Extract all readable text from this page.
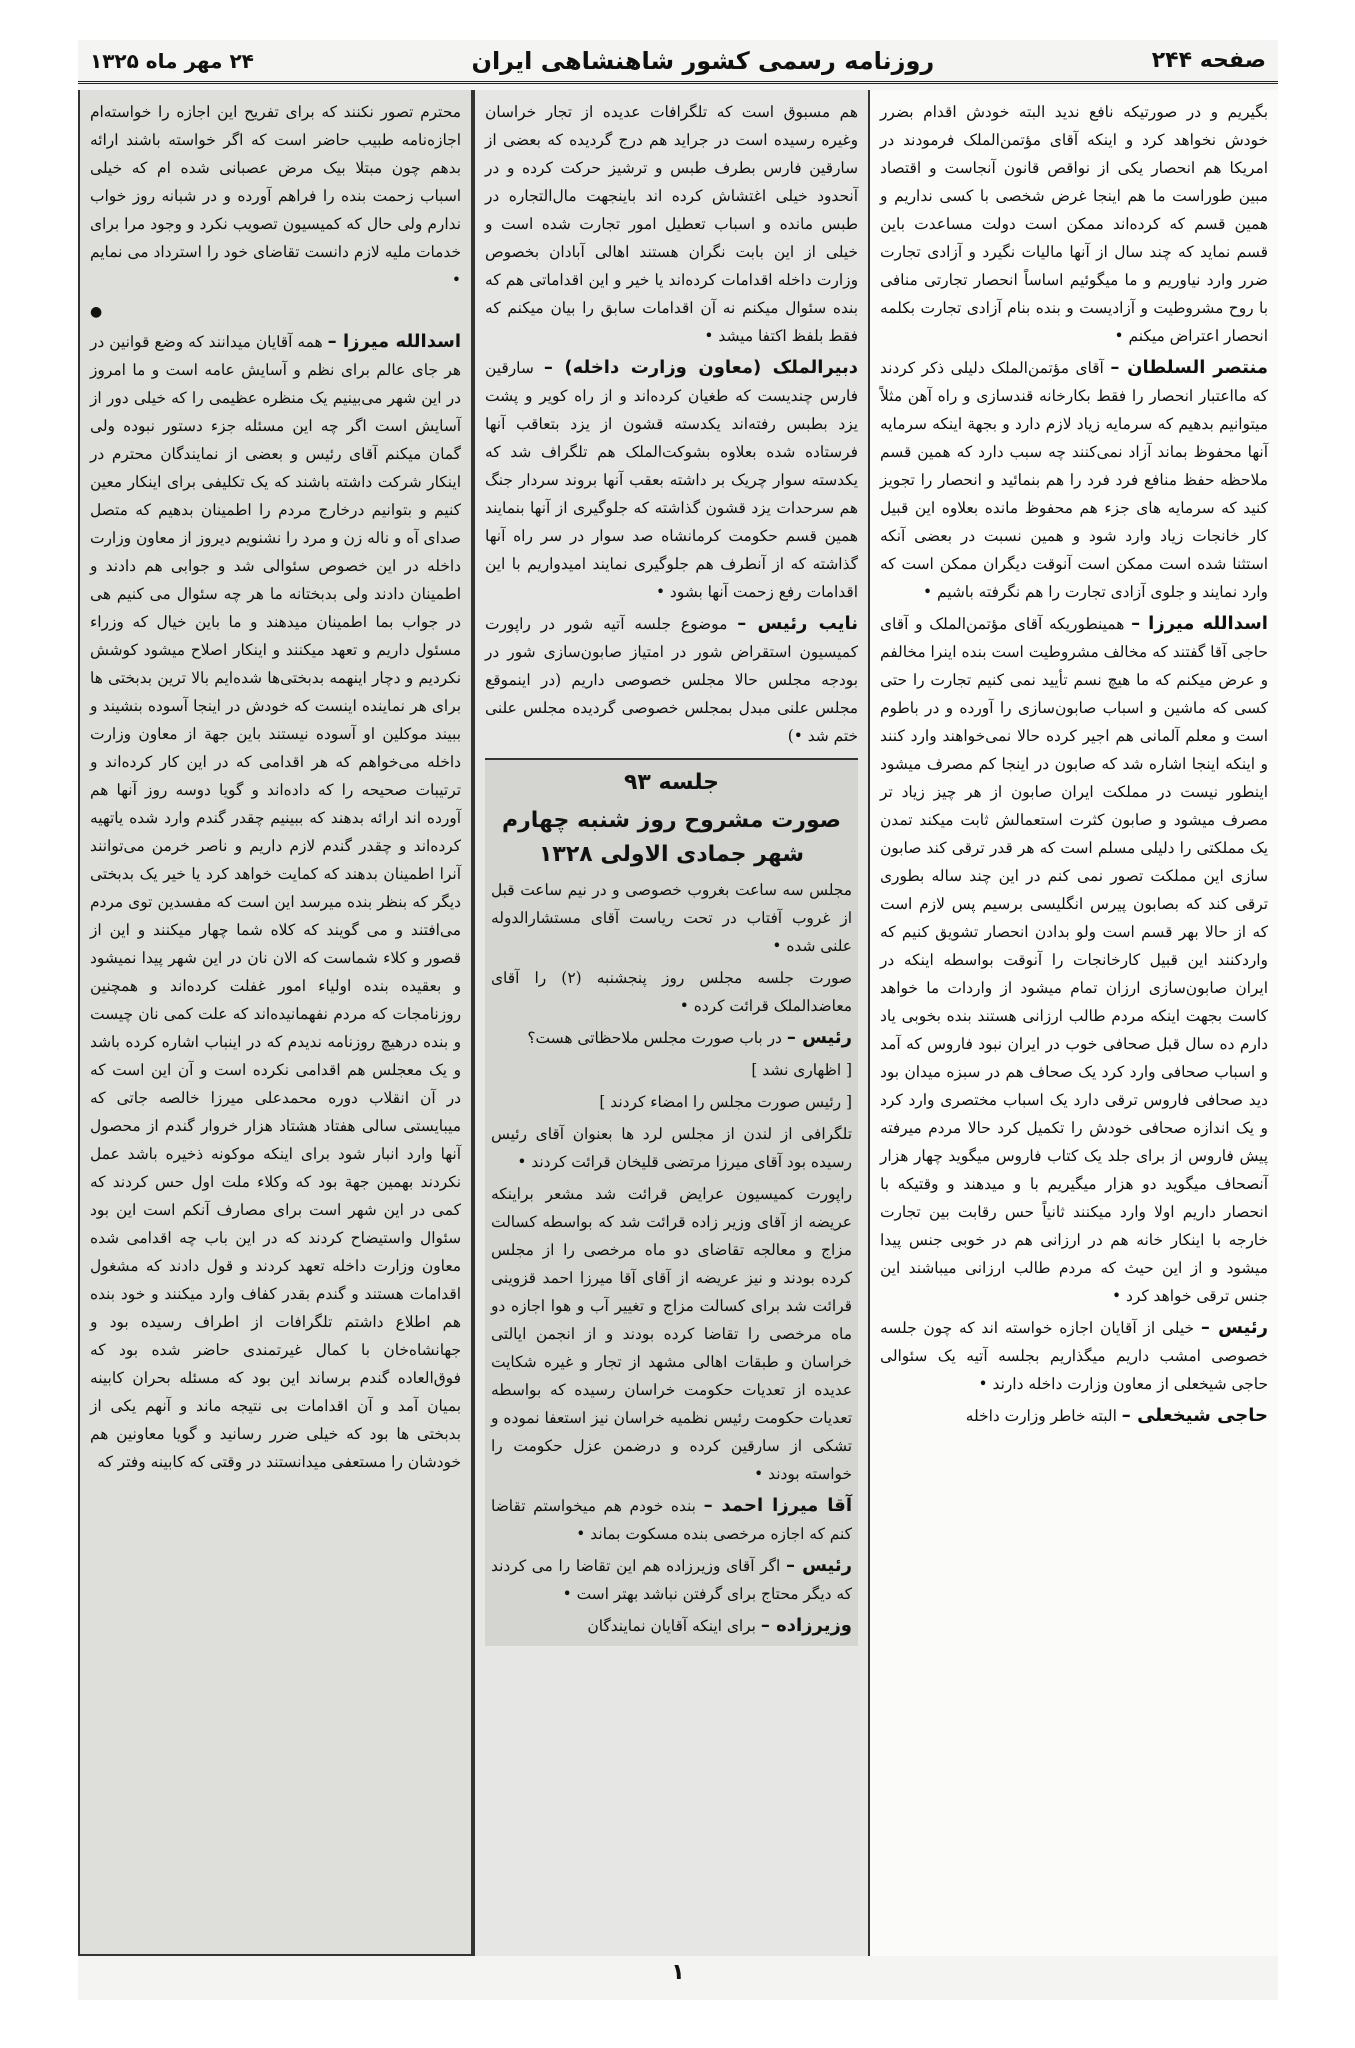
صفحه ۲۴۴
روزنامه رسمی کشور شاهنشاهی ایران
۲۴ مهر ماه ۱۳۲۵

بگیریم و در صورتیکه نافع ندید البته خودش اقدام بضرر خودش نخواهد کرد و اینکه آقای مؤتمن‌الملک فرمودند در امریکا هم انحصار یکی از نواقص قانون آنجاست و اقتصاد مبین طوراست ما هم اینجا غرض شخصی با کسی نداریم و همین قسم که کرده‌اند ممکن است دولت مساعدت باین قسم نماید که چند سال از آنها مالیات نگیرد و آزادی تجارت ضرر وارد نیاوریم و ما میگوئیم اساساً انحصار تجارتی منافی با روح مشروطیت و آزادیست و بنده بنام آزادی تجارت بکلمه انحصار اعتراض میکنم •

منتصر السلطان – آقای مؤتمن‌الملک دلیلی ذکر کردند که مااعتبار انحصار را فقط بکارخانه قندسازی و راه آهن مثلاً میتوانیم بدهیم که سرمایه زیاد لازم دارد و بجهة اینکه سرمایه آنها محفوظ بماند آزاد نمی‌کنند چه سبب دارد که همین قسم ملاحظه حفظ منافع فرد فرد را هم بنمائید و انحصار را تجویز کنید که سرمایه های جزء هم محفوظ مانده بعلاوه این قبیل کار خانجات زیاد وارد شود و همین نسبت در بعضی آنکه استثنا شده است ممکن است آنوقت دیگران ممکن است که وارد نمایند و جلوی آزادی تجارت را هم نگرفته باشیم •

اسدالله میرزا – همینطوریکه آقای مؤتمن‌الملک و آقای حاجی آقا گفتند که مخالف مشروطیت است بنده اینرا مخالفم و عرض میکنم که ما هیچ نسم تأیید نمی کنیم تجارت را حتی کسی که ماشین و اسباب صابون‌سازی را آورده و در باطوم است و معلم آلمانی هم اجیر کرده حالا نمی‌خواهند وارد کنند و اینکه اینجا اشاره شد که صابون در اینجا کم مصرف میشود اینطور نیست در مملکت ایران صابون از هر چیز زیاد تر مصرف میشود و صابون کثرت استعمالش ثابت میکند تمدن یک مملکتی را دلیلی مسلم است که هر قدر ترقی کند صابون سازی این مملکت تصور نمی کنم در این چند ساله بطوری ترقی کند که بصابون پیرس انگلیسی برسیم پس لازم است که از حالا بهر قسم است ولو بدادن انحصار تشویق کنیم که واردکنند این قبیل کارخانجات را آنوقت بواسطه اینکه در ایران صابون‌سازی ارزان تمام میشود از واردات ما خواهد کاست بجهت اینکه مردم طالب ارزانی هستند بنده بخوبی یاد دارم ده سال قبل صحافی خوب در ایران نبود فاروس که آمد و اسباب صحافی وارد کرد یک صحاف هم در سبزه میدان بود دید صحافی فاروس ترقی دارد یک اسباب مختصری وارد کرد و یک اندازه صحافی خودش را تکمیل کرد حالا مردم میرفته پیش فاروس از برای جلد یک کتاب فاروس میگوید چهار هزار آنصحاف میگوید دو هزار میگیریم با و میدهند و وقتیکه با انحصار داریم اولا وارد میکنند ثانیاً حس رقابت بین تجارت خارجه با اینکار خانه هم در ارزانی هم در خوبی جنس پیدا میشود و از این حیث که مردم طالب ارزانی میباشند این جنس ترقی خواهد کرد •

رئیس – خیلی از آقایان اجازه خواسته اند که چون جلسه خصوصی امشب داریم میگذاریم بجلسه آتیه یک سئوالی حاجی شیخعلی از معاون وزارت داخله دارند •

حاجی شیخعلی – البته خاطر وزارت داخله

هم مسبوق است که تلگرافات عدیده از تجار خراسان وغیره رسیده است در جراید هم درج گردیده که بعضی از سارقین فارس بطرف طبس و ترشیز حرکت کرده و در آنحدود خیلی اغتشاش کرده اند باینجهت مال‌التجاره در طبس مانده و اسباب تعطیل امور تجارت شده است و خیلی از این بابت نگران هستند اهالی آبادان بخصوص وزارت داخله اقدامات کرده‌اند یا خیر و این اقداماتی هم که بنده سئوال میکنم نه آن اقدامات سابق را بیان میکنم که فقط بلفظ اکتفا میشد •

دبیرالملک (معاون وزارت داخله) – سارقین فارس چندیست که طغیان کرده‌اند و از راه کویر و پشت یزد بطبس رفته‌اند یکدسته قشون از یزد بتعاقب آنها فرستاده شده بعلاوه بشوکت‌الملک هم تلگراف شد که یکدسته سوار چریک بر داشته بعقب آنها بروند سردار جنگ هم سرحدات یزد قشون گذاشته که جلوگیری از آنها بنمایند همین قسم حکومت کرمانشاه صد سوار در سر راه آنها گذاشته که از آنطرف هم جلوگیری نمایند امیدواریم با این اقدامات رفع زحمت آنها بشود •

نایب رئیس – موضوع جلسه آتیه شور در راپورت کمیسیون استقراض شور در امتیاز صابون‌سازی شور در بودجه مجلس حالا مجلس خصوصی داریم (در اینموقع مجلس علنی مبدل بمجلس خصوصی گردیده مجلس علنی ختم شد •)

جلسه ۹۳

صورت مشروح روز شنبه چهارم شهر جمادی الاولی ۱۳۲۸

مجلس سه ساعت بغروب خصوصی و در نیم ساعت قبل از غروب آفتاب در تحت ریاست آقای مستشارالدوله علنی شده •

صورت جلسه مجلس روز پنجشنبه (۲) را آقای معاضدالملک قرائت کرده •

رئیس – در باب صورت مجلس ملاحظاتی هست؟

[ اظهاری نشد ]

[ رئیس صورت مجلس را امضاء کردند ]

تلگرافی از لندن از مجلس لرد ها بعنوان آقای رئیس رسیده بود آقای میرزا مرتضی قلیخان قرائت کردند •

راپورت کمیسیون عرایض قرائت شد مشعر براینکه عریضه از آقای وزیر زاده قرائت شد که بواسطه کسالت مزاج و معالجه تقاضای دو ماه مرخصی را از مجلس کرده بودند و نیز عریضه از آقای آقا میرزا احمد قزوینی قرائت شد برای کسالت مزاج و تغییر آب و هوا اجازه دو ماه مرخصی را تقاضا کرده بودند و از انجمن ایالتی خراسان و طبقات اهالی مشهد از تجار و غیره شکایت عدیده از تعدیات حکومت خراسان رسیده که بواسطه تعدیات حکومت رئیس نظمیه خراسان نیز استعفا نموده و تشکی از سارقین کرده و درضمن عزل حکومت را خواسته بودند •

آقا میرزا احمد – بنده خودم هم میخواستم تقاضا کنم که اجازه مرخصی بنده مسکوت بماند •

رئیس – اگر آقای وزیرزاده هم این تقاضا را می کردند که دیگر محتاج برای گرفتن نباشد بهتر است •

وزیرزاده – برای اینکه آقایان نمایندگان

محترم تصور نکنند که برای تفریح این اجازه را خواسته‌ام اجازه‌نامه طبیب حاضر است که اگر خواسته باشند ارائه بدهم چون مبتلا بیک مرض عصبانی شده ام که خیلی اسباب زحمت بنده را فراهم آورده و در شبانه روز خواب ندارم ولی حال که کمیسیون تصویب نکرد و وجود مرا برای خدمات ملیه لازم دانست تقاضای خود را استرداد می نمایم •

●

اسدالله میرزا – همه آقایان میدانند که وضع قوانین در هر جای عالم برای نظم و آسایش عامه است و ما امروز در این شهر می‌بینیم یک منظره عظیمی را که خیلی دور از آسایش است اگر چه این مسئله جزء دستور نبوده ولی گمان میکنم آقای رئیس و بعضی از نمایندگان محترم در اینکار شرکت داشته باشند که یک تکلیفی برای اینکار معین کنیم و بتوانیم درخارج مردم را اطمینان بدهیم که متصل صدای آه و ناله زن و مرد را نشنویم دیروز از معاون وزارت داخله در این خصوص سئوالی شد و جوابی هم دادند و اطمینان دادند ولی بدبختانه ما هر چه سئوال می کنیم هی در جواب بما اطمینان میدهند و ما باین خیال که وزراء مسئول داریم و تعهد میکنند و اینکار اصلاح میشود کوشش نکردیم و دچار اینهمه بدبختی‌ها شده‌ایم بالا ترین بدبختی ها برای هر نماینده اینست که خودش در اینجا آسوده بنشیند و ببیند موکلین او آسوده نیستند باین جهة از معاون وزارت داخله می‌خواهم که هر اقدامی که در این کار کرده‌اند و ترتیبات صحیحه را که داده‌اند و گویا دوسه روز آنها هم آورده اند ارائه بدهند که ببینیم چقدر گندم وارد شده یاتهیه کرده‌اند و چقدر گندم لازم داریم و ناصر خرمن می‌توانند آنرا اطمینان بدهند که کمایت خواهد کرد یا خیر یک بدبختی دیگر که بنظر بنده میرسد این است که مفسدین توی مردم می‌افتند و می گویند که کلاه شما چهار میکنند و این از قصور و کلاء شماست که الان نان در این شهر پیدا نمیشود و بعقیده بنده اولیاء امور غفلت کرده‌اند و همچنین روزنامجات که مردم نفهمانیده‌اند که علت کمی نان چیست و بنده درهیچ روزنامه ندیدم که در اینباب اشاره کرده باشد و یک معجلس هم اقدامی نکرده است و آن این است که در آن انقلاب دوره محمدعلی میرزا خالصه جاتی که میبایستی سالی هفتاد هشتاد هزار خروار گندم از محصول آنها وارد انبار شود برای اینکه موکونه ذخیره باشد عمل نکردند بهمین جهة بود که وکلاء ملت اول حس کردند که کمی در این شهر است برای مصارف آنکم است این بود سئوال واستیضاح کردند که در این باب چه اقدامی شده معاون وزارت داخله تعهد کردند و قول دادند که مشغول اقدامات هستند و گندم بقدر کفاف وارد میکنند و خود بنده هم اطلاع داشتم تلگرافات از اطراف رسیده بود و جهانشاه‌خان با کمال غیرتمندی حاضر شده بود که فوق‌العاده گندم برساند این بود که مسئله بحران کابینه بمیان آمد و آن اقدامات بی نتیجه ماند و آنهم یکی از بدبختی ها بود که خیلی ضرر رسانید و گویا معاونین هم خودشان را مستعفی میدانستند در وقتی که کابینه وفتر که

۱
